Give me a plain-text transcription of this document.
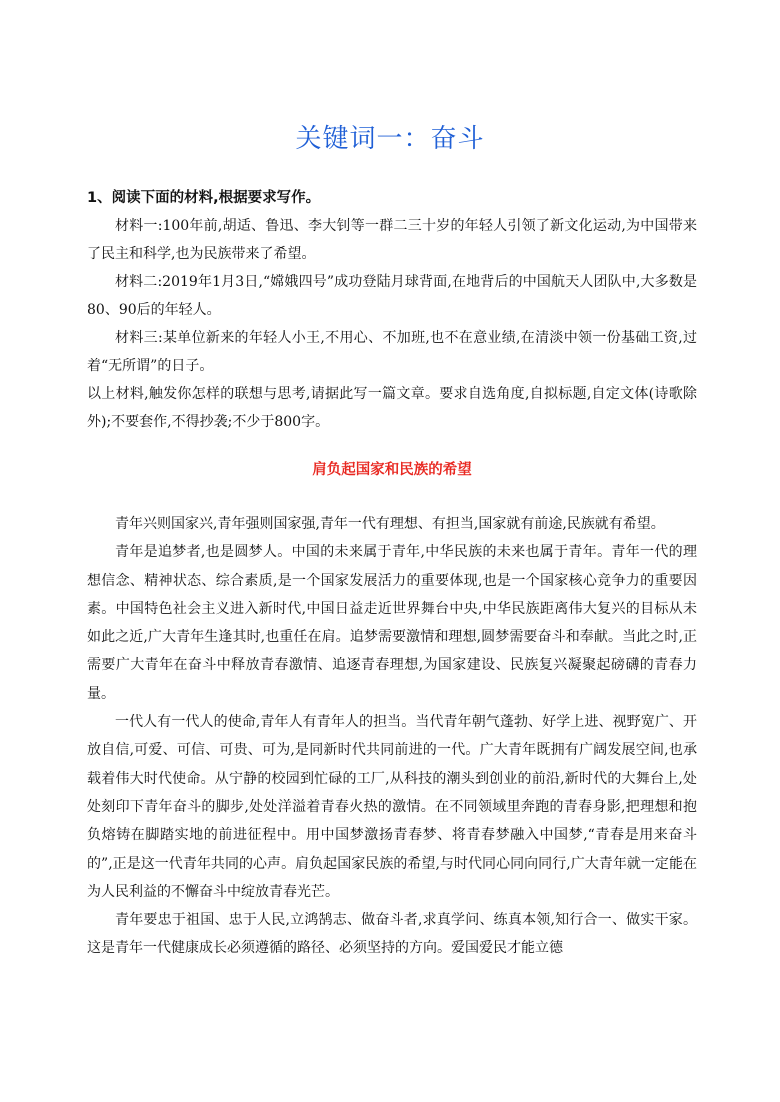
关键词一：奋斗

1、阅读下面的材料,根据要求写作。

材料一:100年前,胡适、鲁迅、李大钊等一群二三十岁的年轻人引领了新文化运动,为中国带来了民主和科学,也为民族带来了希望。

材料二:2019年1月3日,“嫦娥四号”成功登陆月球背面,在地背后的中国航天人团队中,大多数是80、90后的年轻人。

材料三:某单位新来的年轻人小王,不用心、不加班,也不在意业绩,在清淡中领一份基础工资,过着“无所谓”的日子。

以上材料,触发你怎样的联想与思考,请据此写一篇文章。要求自选角度,自拟标题,自定文体(诗歌除外);不要套作,不得抄袭;不少于800字。

肩负起国家和民族的希望

青年兴则国家兴,青年强则国家强,青年一代有理想、有担当,国家就有前途,民族就有希望。

青年是追梦者,也是圆梦人。中国的未来属于青年,中华民族的未来也属于青年。青年一代的理想信念、精神状态、综合素质,是一个国家发展活力的重要体现,也是一个国家核心竞争力的重要因素。中国特色社会主义进入新时代,中国日益走近世界舞台中央,中华民族距离伟大复兴的目标从未如此之近,广大青年生逢其时,也重任在肩。追梦需要激情和理想,圆梦需要奋斗和奉献。当此之时,正需要广大青年在奋斗中释放青春激情、追逐青春理想,为国家建设、民族复兴凝聚起磅礴的青春力量。

一代人有一代人的使命,青年人有青年人的担当。当代青年朝气蓬勃、好学上进、视野宽广、开放自信,可爱、可信、可贵、可为,是同新时代共同前进的一代。广大青年既拥有广阔发展空间,也承载着伟大时代使命。从宁静的校园到忙碌的工厂,从科技的潮头到创业的前沿,新时代的大舞台上,处处刻印下青年奋斗的脚步,处处洋溢着青春火热的激情。在不同领域里奔跑的青春身影,把理想和抱负熔铸在脚踏实地的前进征程中。用中国梦激扬青春梦、将青春梦融入中国梦,“青春是用来奋斗的”,正是这一代青年共同的心声。肩负起国家民族的希望,与时代同心同向同行,广大青年就一定能在为人民利益的不懈奋斗中绽放青春光芒。

青年要忠于祖国、忠于人民,立鸿鹄志、做奋斗者,求真学问、练真本领,知行合一、做实干家。这是青年一代健康成长必须遵循的路径、必须坚持的方向。爱国爱民才能立德
